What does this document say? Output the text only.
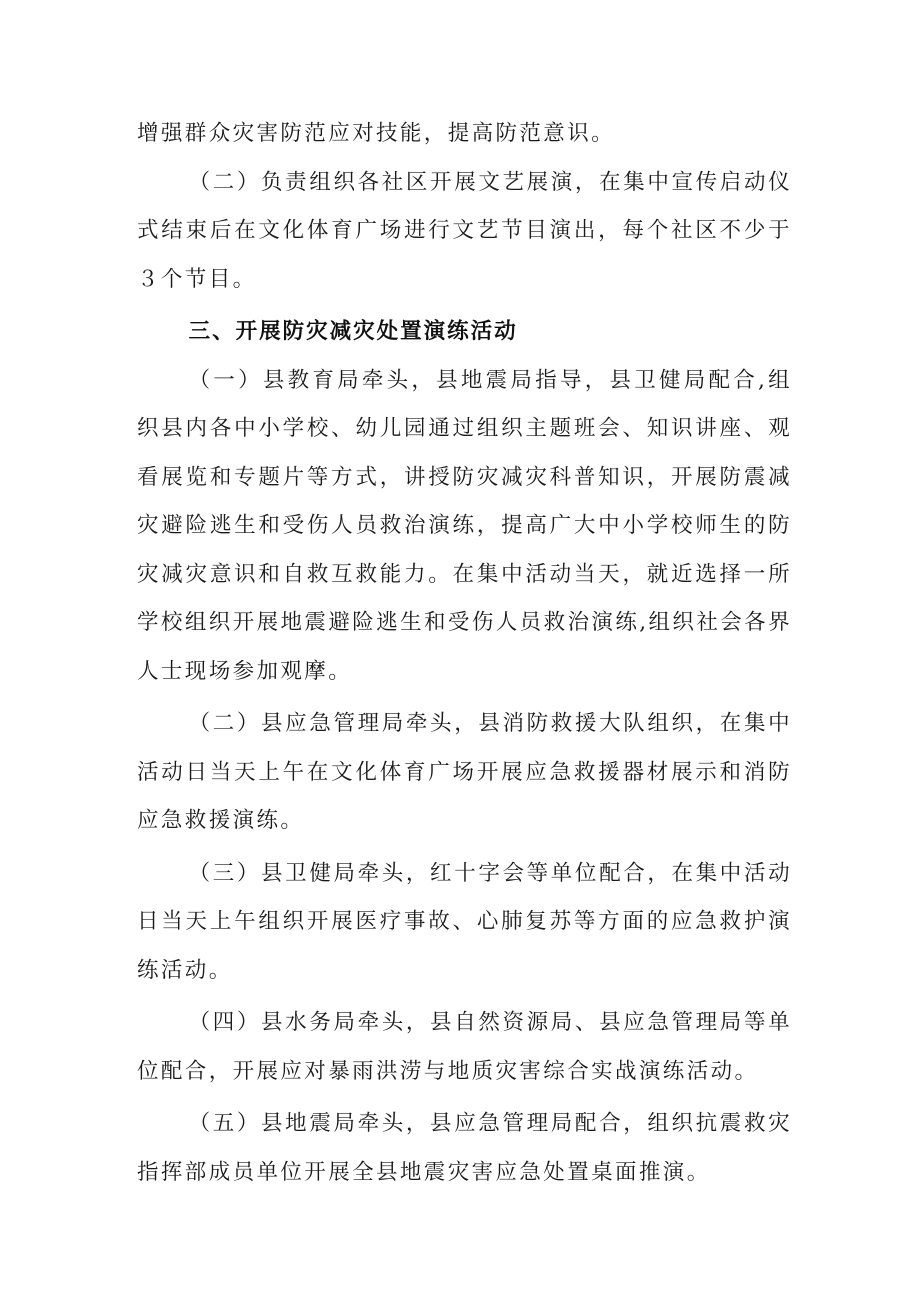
增强群众灾害防范应对技能，提高防范意识。

（二）负责组织各社区开展文艺展演，在集中宣传启动仪式结束后在文化体育广场进行文艺节目演出，每个社区不少于３个节目。

三、开展防灾减灾处置演练活动

（一）县教育局牵头，县地震局指导，县卫健局配合,组织县内各中小学校、幼儿园通过组织主题班会、知识讲座、观看展览和专题片等方式，讲授防灾减灾科普知识，开展防震减灾避险逃生和受伤人员救治演练，提高广大中小学校师生的防灾减灾意识和自救互救能力。在集中活动当天，就近选择一所学校组织开展地震避险逃生和受伤人员救治演练,组织社会各界人士现场参加观摩。

（二）县应急管理局牵头，县消防救援大队组织，在集中活动日当天上午在文化体育广场开展应急救援器材展示和消防应急救援演练。

（三）县卫健局牵头，红十字会等单位配合，在集中活动日当天上午组织开展医疗事故、心肺复苏等方面的应急救护演练活动。

（四）县水务局牵头，县自然资源局、县应急管理局等单位配合，开展应对暴雨洪涝与地质灾害综合实战演练活动。

（五）县地震局牵头，县应急管理局配合，组织抗震救灾指挥部成员单位开展全县地震灾害应急处置桌面推演。
